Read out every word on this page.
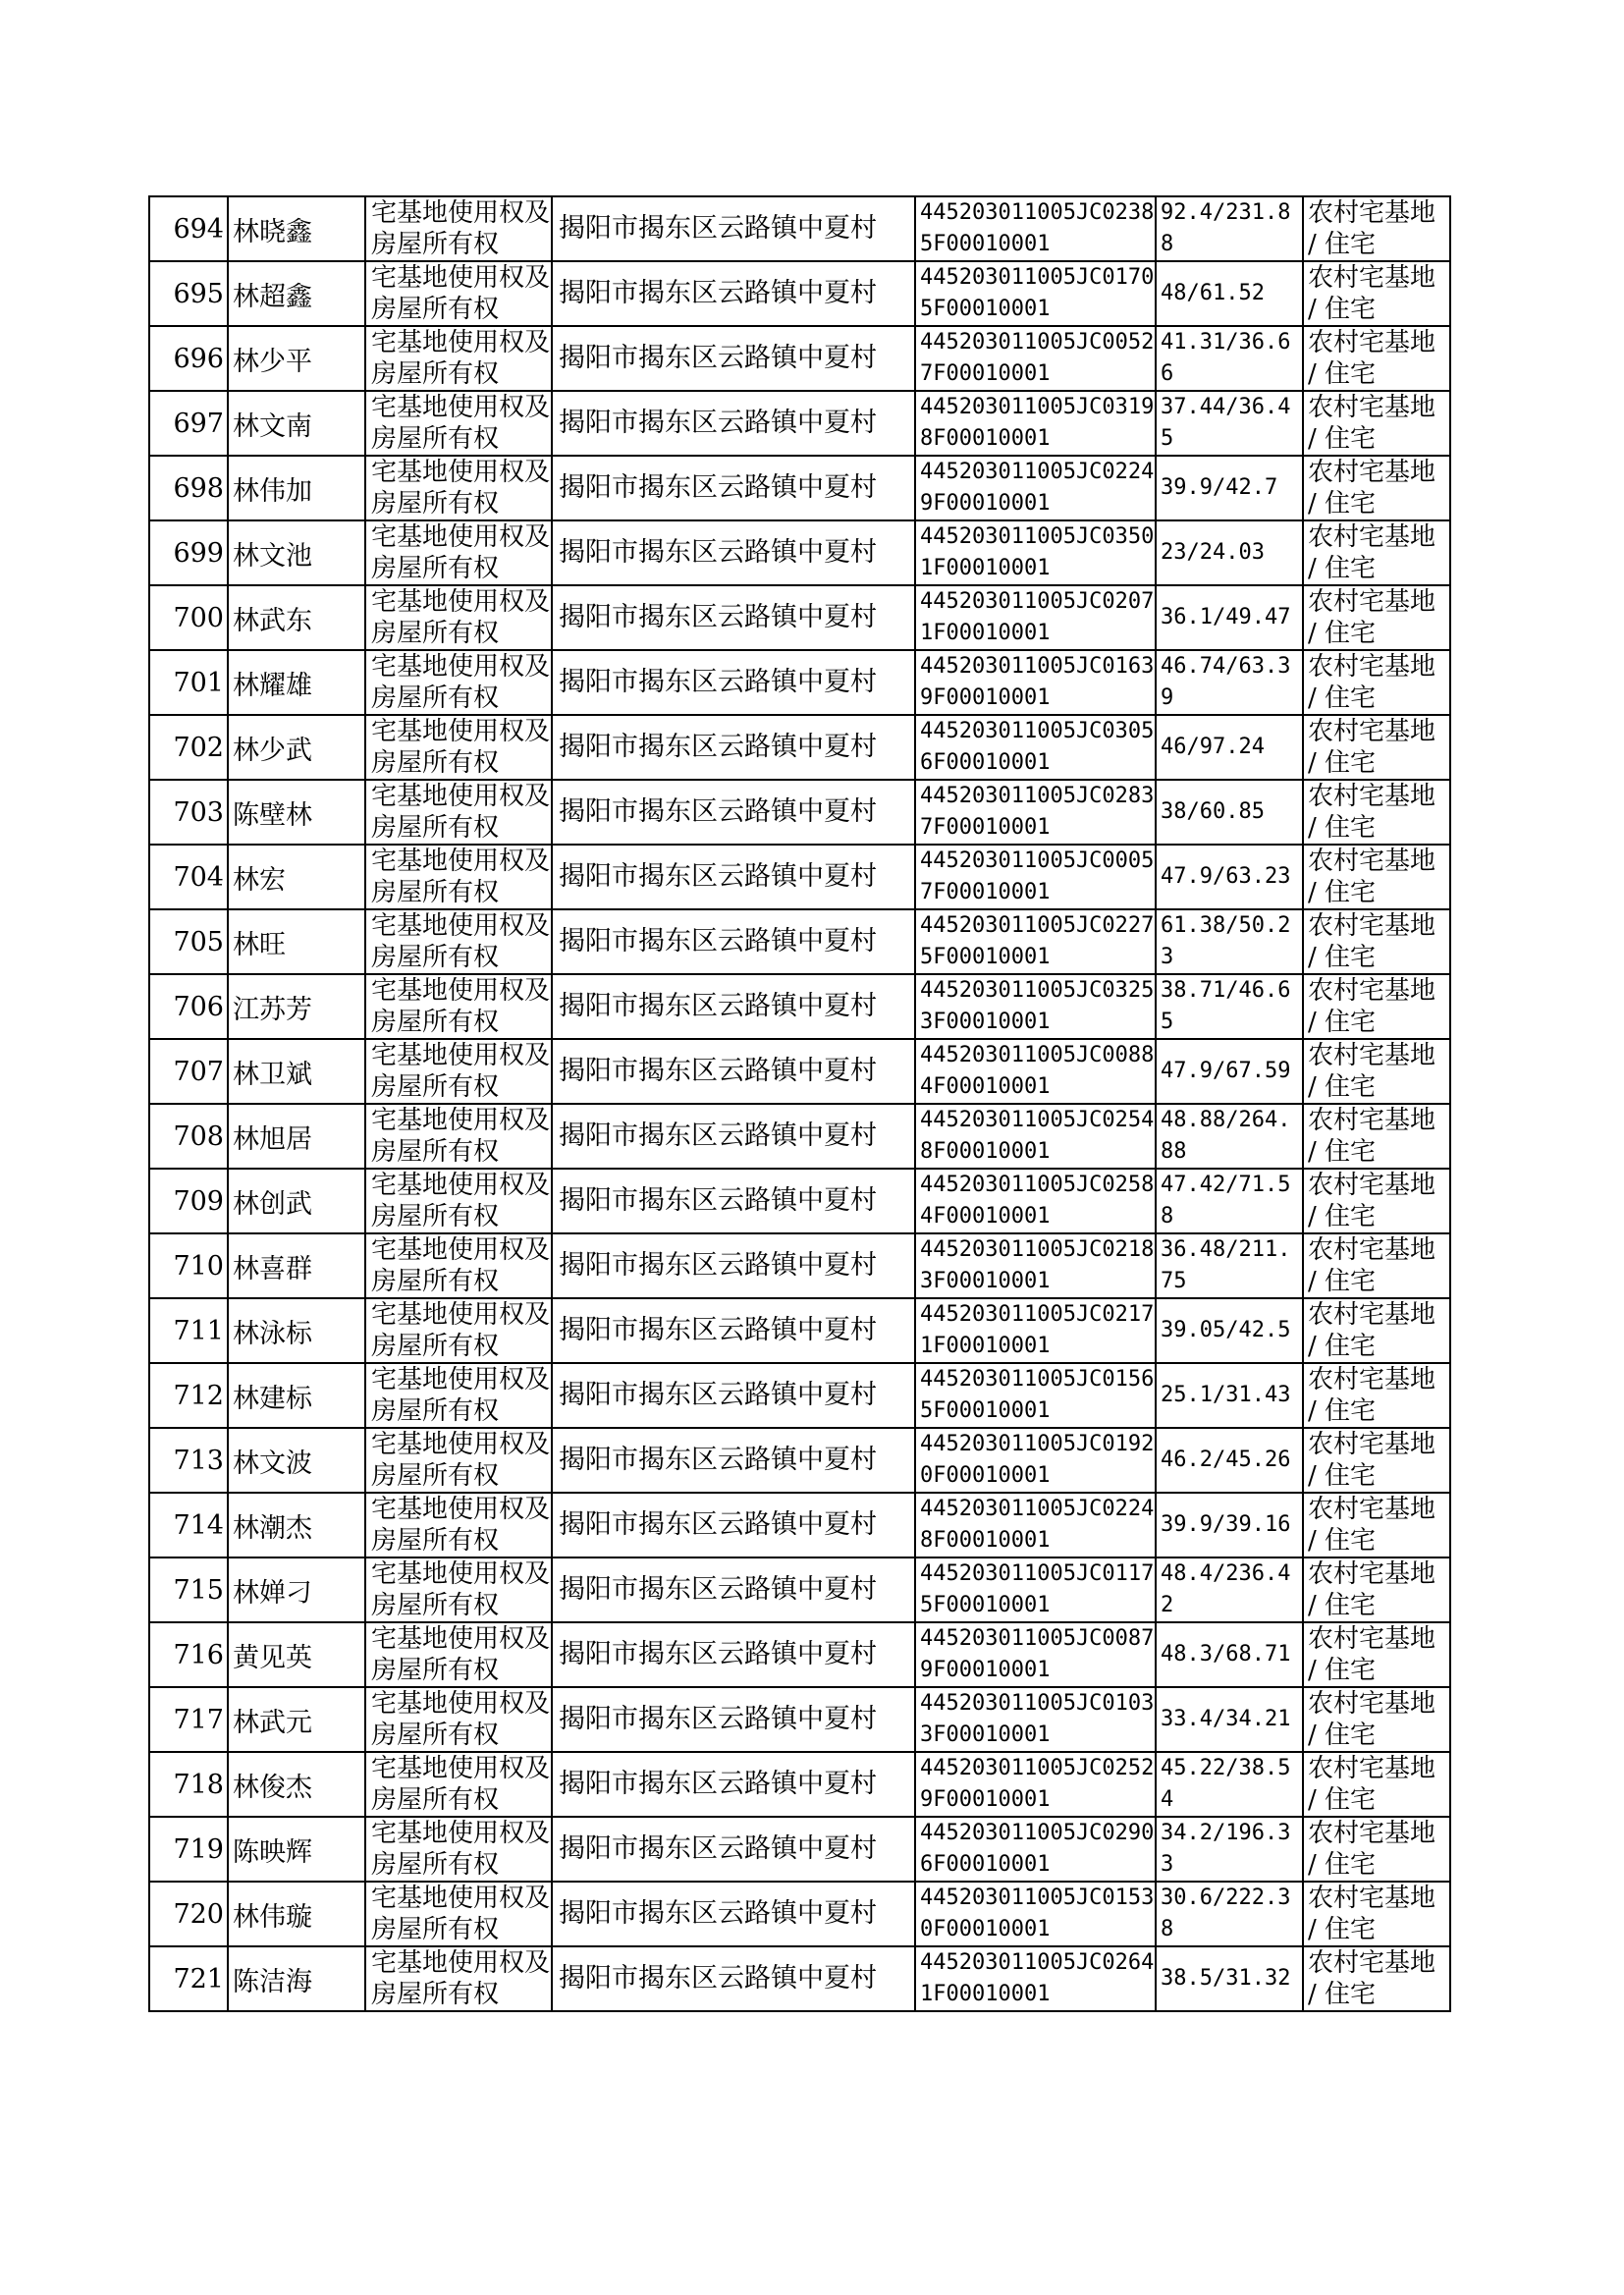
694	林晓鑫	宅基地使用权及房屋所有权	揭阳市揭东区云路镇中夏村	445203011005JC02385F00010001	92.4/231.88	农村宅基地 / 住宅
695	林超鑫	宅基地使用权及房屋所有权	揭阳市揭东区云路镇中夏村	445203011005JC01705F00010001	48/61.52	农村宅基地 / 住宅
696	林少平	宅基地使用权及房屋所有权	揭阳市揭东区云路镇中夏村	445203011005JC00527F00010001	41.31/36.66	农村宅基地 / 住宅
697	林文南	宅基地使用权及房屋所有权	揭阳市揭东区云路镇中夏村	445203011005JC03198F00010001	37.44/36.45	农村宅基地 / 住宅
698	林伟加	宅基地使用权及房屋所有权	揭阳市揭东区云路镇中夏村	445203011005JC02249F00010001	39.9/42.7	农村宅基地 / 住宅
699	林文池	宅基地使用权及房屋所有权	揭阳市揭东区云路镇中夏村	445203011005JC03501F00010001	23/24.03	农村宅基地 / 住宅
700	林武东	宅基地使用权及房屋所有权	揭阳市揭东区云路镇中夏村	445203011005JC02071F00010001	36.1/49.47	农村宅基地 / 住宅
701	林耀雄	宅基地使用权及房屋所有权	揭阳市揭东区云路镇中夏村	445203011005JC01639F00010001	46.74/63.39	农村宅基地 / 住宅
702	林少武	宅基地使用权及房屋所有权	揭阳市揭东区云路镇中夏村	445203011005JC03056F00010001	46/97.24	农村宅基地 / 住宅
703	陈壁林	宅基地使用权及房屋所有权	揭阳市揭东区云路镇中夏村	445203011005JC02837F00010001	38/60.85	农村宅基地 / 住宅
704	林宏	宅基地使用权及房屋所有权	揭阳市揭东区云路镇中夏村	445203011005JC00057F00010001	47.9/63.23	农村宅基地 / 住宅
705	林旺	宅基地使用权及房屋所有权	揭阳市揭东区云路镇中夏村	445203011005JC02275F00010001	61.38/50.23	农村宅基地 / 住宅
706	江苏芳	宅基地使用权及房屋所有权	揭阳市揭东区云路镇中夏村	445203011005JC03253F00010001	38.71/46.65	农村宅基地 / 住宅
707	林卫斌	宅基地使用权及房屋所有权	揭阳市揭东区云路镇中夏村	445203011005JC00884F00010001	47.9/67.59	农村宅基地 / 住宅
708	林旭居	宅基地使用权及房屋所有权	揭阳市揭东区云路镇中夏村	445203011005JC02548F00010001	48.88/264.88	农村宅基地 / 住宅
709	林创武	宅基地使用权及房屋所有权	揭阳市揭东区云路镇中夏村	445203011005JC02584F00010001	47.42/71.58	农村宅基地 / 住宅
710	林喜群	宅基地使用权及房屋所有权	揭阳市揭东区云路镇中夏村	445203011005JC02183F00010001	36.48/211.75	农村宅基地 / 住宅
711	林泳标	宅基地使用权及房屋所有权	揭阳市揭东区云路镇中夏村	445203011005JC02171F00010001	39.05/42.5	农村宅基地 / 住宅
712	林建标	宅基地使用权及房屋所有权	揭阳市揭东区云路镇中夏村	445203011005JC01565F00010001	25.1/31.43	农村宅基地 / 住宅
713	林文波	宅基地使用权及房屋所有权	揭阳市揭东区云路镇中夏村	445203011005JC01920F00010001	46.2/45.26	农村宅基地 / 住宅
714	林潮杰	宅基地使用权及房屋所有权	揭阳市揭东区云路镇中夏村	445203011005JC02248F00010001	39.9/39.16	农村宅基地 / 住宅
715	林婵刁	宅基地使用权及房屋所有权	揭阳市揭东区云路镇中夏村	445203011005JC01175F00010001	48.4/236.42	农村宅基地 / 住宅
716	黄见英	宅基地使用权及房屋所有权	揭阳市揭东区云路镇中夏村	445203011005JC00879F00010001	48.3/68.71	农村宅基地 / 住宅
717	林武元	宅基地使用权及房屋所有权	揭阳市揭东区云路镇中夏村	445203011005JC01033F00010001	33.4/34.21	农村宅基地 / 住宅
718	林俊杰	宅基地使用权及房屋所有权	揭阳市揭东区云路镇中夏村	445203011005JC02529F00010001	45.22/38.54	农村宅基地 / 住宅
719	陈映辉	宅基地使用权及房屋所有权	揭阳市揭东区云路镇中夏村	445203011005JC02906F00010001	34.2/196.33	农村宅基地 / 住宅
720	林伟璇	宅基地使用权及房屋所有权	揭阳市揭东区云路镇中夏村	445203011005JC01530F00010001	30.6/222.38	农村宅基地 / 住宅
721	陈洁海	宅基地使用权及房屋所有权	揭阳市揭东区云路镇中夏村	445203011005JC02641F00010001	38.5/31.32	农村宅基地 / 住宅
